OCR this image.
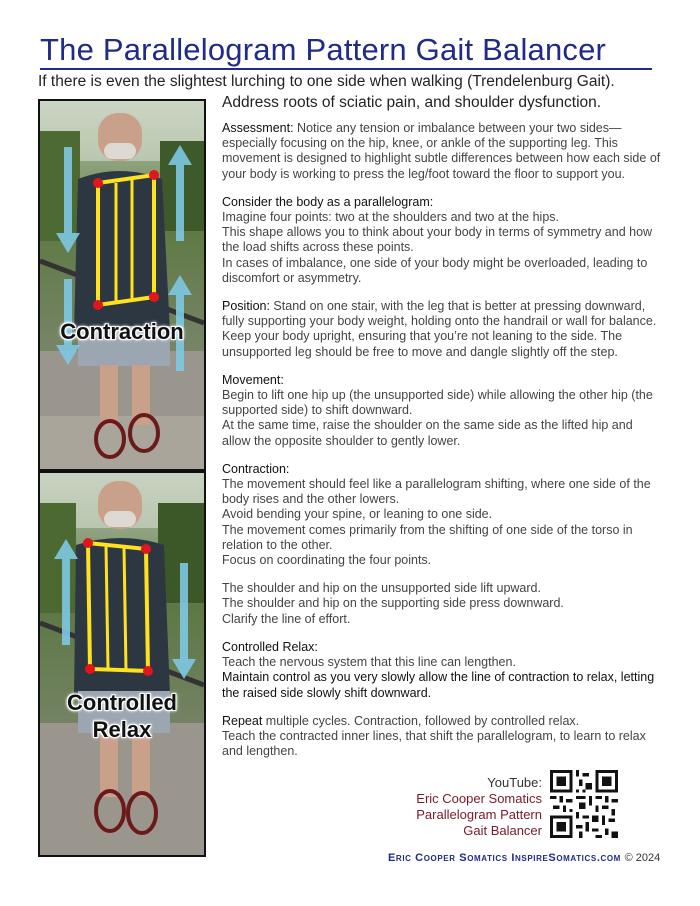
The Parallelogram Pattern Gait Balancer
If there is even the slightest lurching to one side when walking (Trendelenburg Gait).
Address roots of sciatic pain, and shoulder dysfunction.
Contraction
Controlled
Relax

Assessment: Notice any tension or imbalance between your two sides—especially focusing on the hip, knee, or ankle of the supporting leg. This movement is designed to highlight subtle differences between how each side of your body is working to press the leg/foot toward the floor to support you.

Consider the body as a parallelogram:

Imagine four points: two at the shoulders and two at the hips.

This shape allows you to think about your body in terms of symmetry and how the load shifts across these points.

In cases of imbalance, one side of your body might be overloaded, leading to discomfort or asymmetry.

Position: Stand on one stair, with the leg that is better at pressing downward, fully supporting your body weight, holding onto the handrail or wall for balance. Keep your body upright, ensuring that you’re not leaning to the side. The unsupported leg should be free to move and dangle slightly off the step.

Movement:

Begin to lift one hip up (the unsupported side) while allowing the other hip (the supported side) to shift downward.

At the same time, raise the shoulder on the same side as the lifted hip and allow the opposite shoulder to gently lower.

Contraction:

The movement should feel like a parallelogram shifting, where one side of the body rises and the other lowers.

Avoid bending your spine, or leaning to one side.

The movement comes primarily from the shifting of one side of the torso in relation to the other.

Focus on coordinating the four points.

The shoulder and hip on the unsupported side lift upward.

The shoulder and hip on the supporting side press downward.

Clarify the line of effort.

Controlled Relax:

Teach the nervous system that this line can lengthen.

Maintain control as you very slowly allow the line of contraction to relax, letting the raised side slowly shift downward.

Repeat multiple cycles. Contraction, followed by controlled relax.

Teach the contracted inner lines, that shift the parallelogram, to learn to relax and lengthen.

YouTube:
Eric Cooper Somatics
Parallelogram Pattern
Gait Balancer
Eric Cooper Somatics InspireSomatics.com © 2024
